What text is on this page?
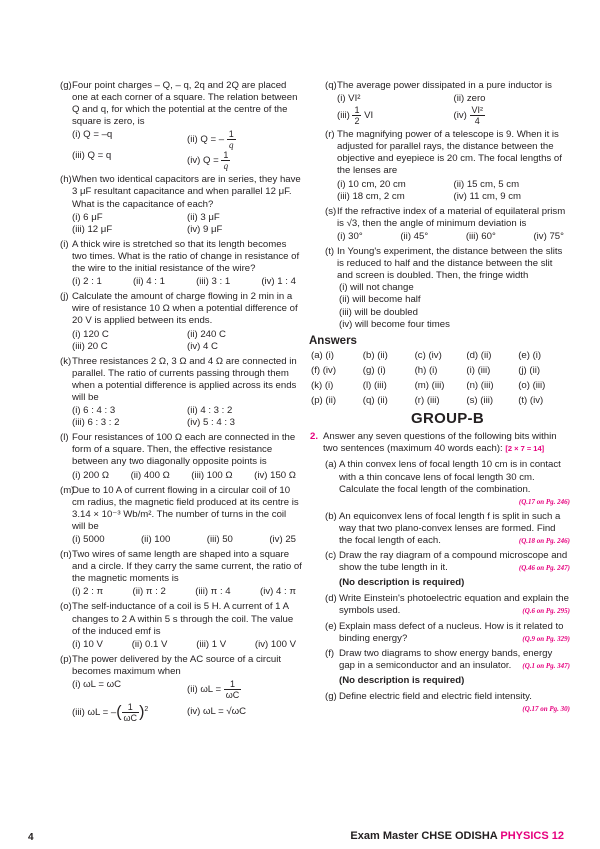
(g) Four point charges – Q, – q, 2q and 2Q are placed one at each corner of a square. The relation between Q and q, for which the potential at the centre of the square is zero, is
(i) Q = –q	(ii) Q = – $\frac{1}{q}$
(iii) Q = q	(iv) $Q = \frac{1}{q}$
(h) When two identical capacitors are in series, they have 3 μF resultant capacitance and when parallel 12 μF. What is the capacitance of each?
(i) 6 μF	(ii) 3 μF
(iii) 12 μF	(iv) 9 μF
(i) A thick wire is stretched so that its length becomes two times. What is the ratio of change in resistance of the wire to the initial resistance of the wire?
(i) 2 : 1	(ii) 4 : 1	(iii) 3 : 1	(iv) 1 : 4
(j) Calculate the amount of charge flowing in 2 min in a wire of resistance 10 Ω when a potential difference of 20 V is applied between its ends.
(i) 120 C	(ii) 240 C
(iii) 20 C	(iv) 4 C
(k) Three resistances 2 Ω, 3 Ω and 4 Ω are connected in parallel. The ratio of currents passing through them when a potential difference is applied across its ends will be
(i) 6 : 4 : 3	(ii) 4 : 3 : 2
(iii) 6 : 3 : 2	(iv) 5 : 4 : 3
(l) Four resistances of 100 Ω each are connected in the form of a square. Then, the effective resistance between any two diagonally opposite points is
(i) 200 Ω (ii) 400 Ω (iii) 100 Ω (iv) 150 Ω
(m)
Due to 10 A of current flowing in a circular coil of 10 cm radius, the magnetic field produced at its centre is 3.14 × 10⁻³ Wb/m². The number of turns in the coil will be
(i) 5000	(ii) 100	(iii) 50	(iv) 25
(n) Two wires of same length are shaped into a square and a circle. If they carry the same current, the ratio of the magnetic moments is
(i) 2 : π	(ii) π : 2	(iii) π : 4	(iv) 4 : π
(o) The self-inductance of a coil is 5 H. A current of 1 A changes to 2 A within 5 s through the coil. The value of the induced emf is
(i) 10 V	(ii) 0.1 V	(iii) 1 V	(iv) 100 V
(p) The power delivered by the AC source of a circuit becomes maximum when
(i) ωL = ωC	(ii) $\omega L = \frac{1}{\omega C}$
(iii) ωL = –( $\frac{1}{\omega C} )^2$	(iv) ωL = √ωC
(q) The average power dissipated in a pure inductor is
(i) VI²	(ii) zero
$(iii) \frac{1}{2}$ VI	$(iv) \frac{\text{VI²}}{4}$
(r) The magnifying power of a telescope is 9. When it is adjusted for parallel rays, the distance between the objective and eyepiece is 20 cm. The focal lengths of the lenses are
(i) 10 cm, 20 cm	(ii) 15 cm, 5 cm
(iii) 18 cm, 2 cm	(iv) 11 cm, 9 cm
(s) If the refractive index of a material of equilateral prism is √3, then the angle of minimum deviation is
(i) 30°	(ii) 45°	(iii) 60°	(iv) 75°
(t) In Young's experiment, the distance between the slits is reduced to half and the distance between the slit and screen is doubled. Then, the fringe width
(i) will not change
(ii) will become half
(iii) will be doubled
(iv) will become four times
Answers
(a) (i)	(b) (ii)	(c) (iv)	(d) (ii)	(e) (i)
(f) (iv)	(g) (i)	(h) (i)	(i) (iii)	(j) (ii)
(k) (i)	(l) (iii)	(m) (iii)	(n) (iii)	(o) (iii)
(p) (ii)	(q) (ii)	(r) (iii)	(s) (iii)	(t) (iv)
GROUP-B
2. Answer any seven questions of the following bits within two sentences (maximum 40 words each): [2 × 7 = 14]
(a) A thin convex lens of focal length 10 cm is in contact with a thin concave lens of focal length 30 cm. Calculate the focal length of the combination.
(Q.17 on Pg. 246)
(b) An equiconvex lens of focal length f is split in such a way that two plano-convex lenses are formed. Find the focal length of each.	(Q.18 on Pg. 246)
(c) Draw the ray diagram of a compound microscope and show the tube length in it.	(Q.46 on Pg. 247)
(No description is required)
(d) Write Einstein's photoelectric equation and explain the symbols used.	(Q.6 on Pg. 295)
(e) Explain mass defect of a nucleus. How is it related to binding energy?	(Q.9 on Pg. 329)
(f) Draw two diagrams to show energy bands, energy gap in a semiconductor and an insulator. (Q.1 on Pg. 347)
(No description is required)
(g) Define electric field and electric field intensity.
(Q.17 on Pg. 30)
4	Exam Master CHSE ODISHA PHYSICS 12
